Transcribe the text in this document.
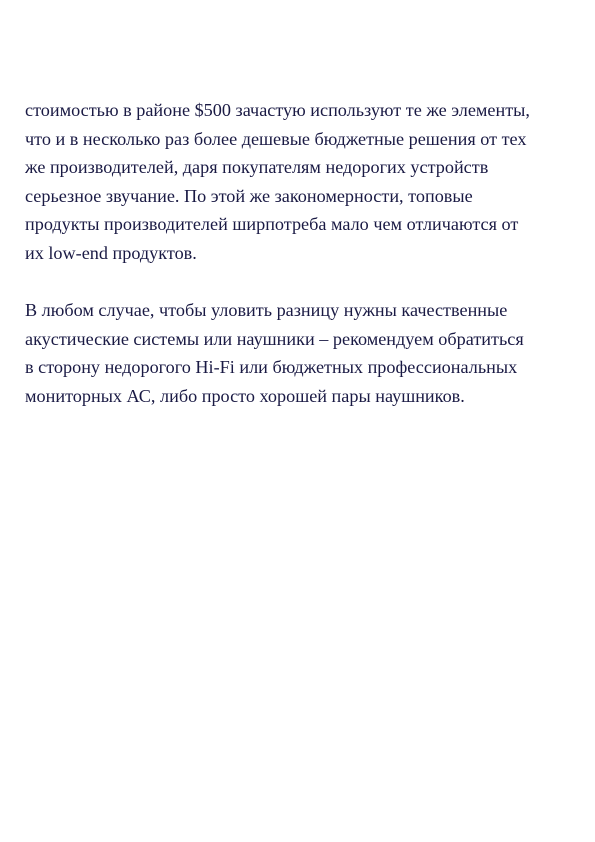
стоимостью в районе $500 зачастую используют те же элементы,
что и в несколько раз более дешевые бюджетные решения от тех
же производителей, даря покупателям недорогих устройств
серьезное звучание. По этой же закономерности, топовые
продукты производителей ширпотреба мало чем отличаются от
их low-end продуктов.

В любом случае, чтобы уловить разницу нужны качественные
акустические системы или наушники – рекомендуем обратиться
в сторону недорогого Hi-Fi или бюджетных профессиональных
мониторных АС, либо просто хорошей пары наушников.
